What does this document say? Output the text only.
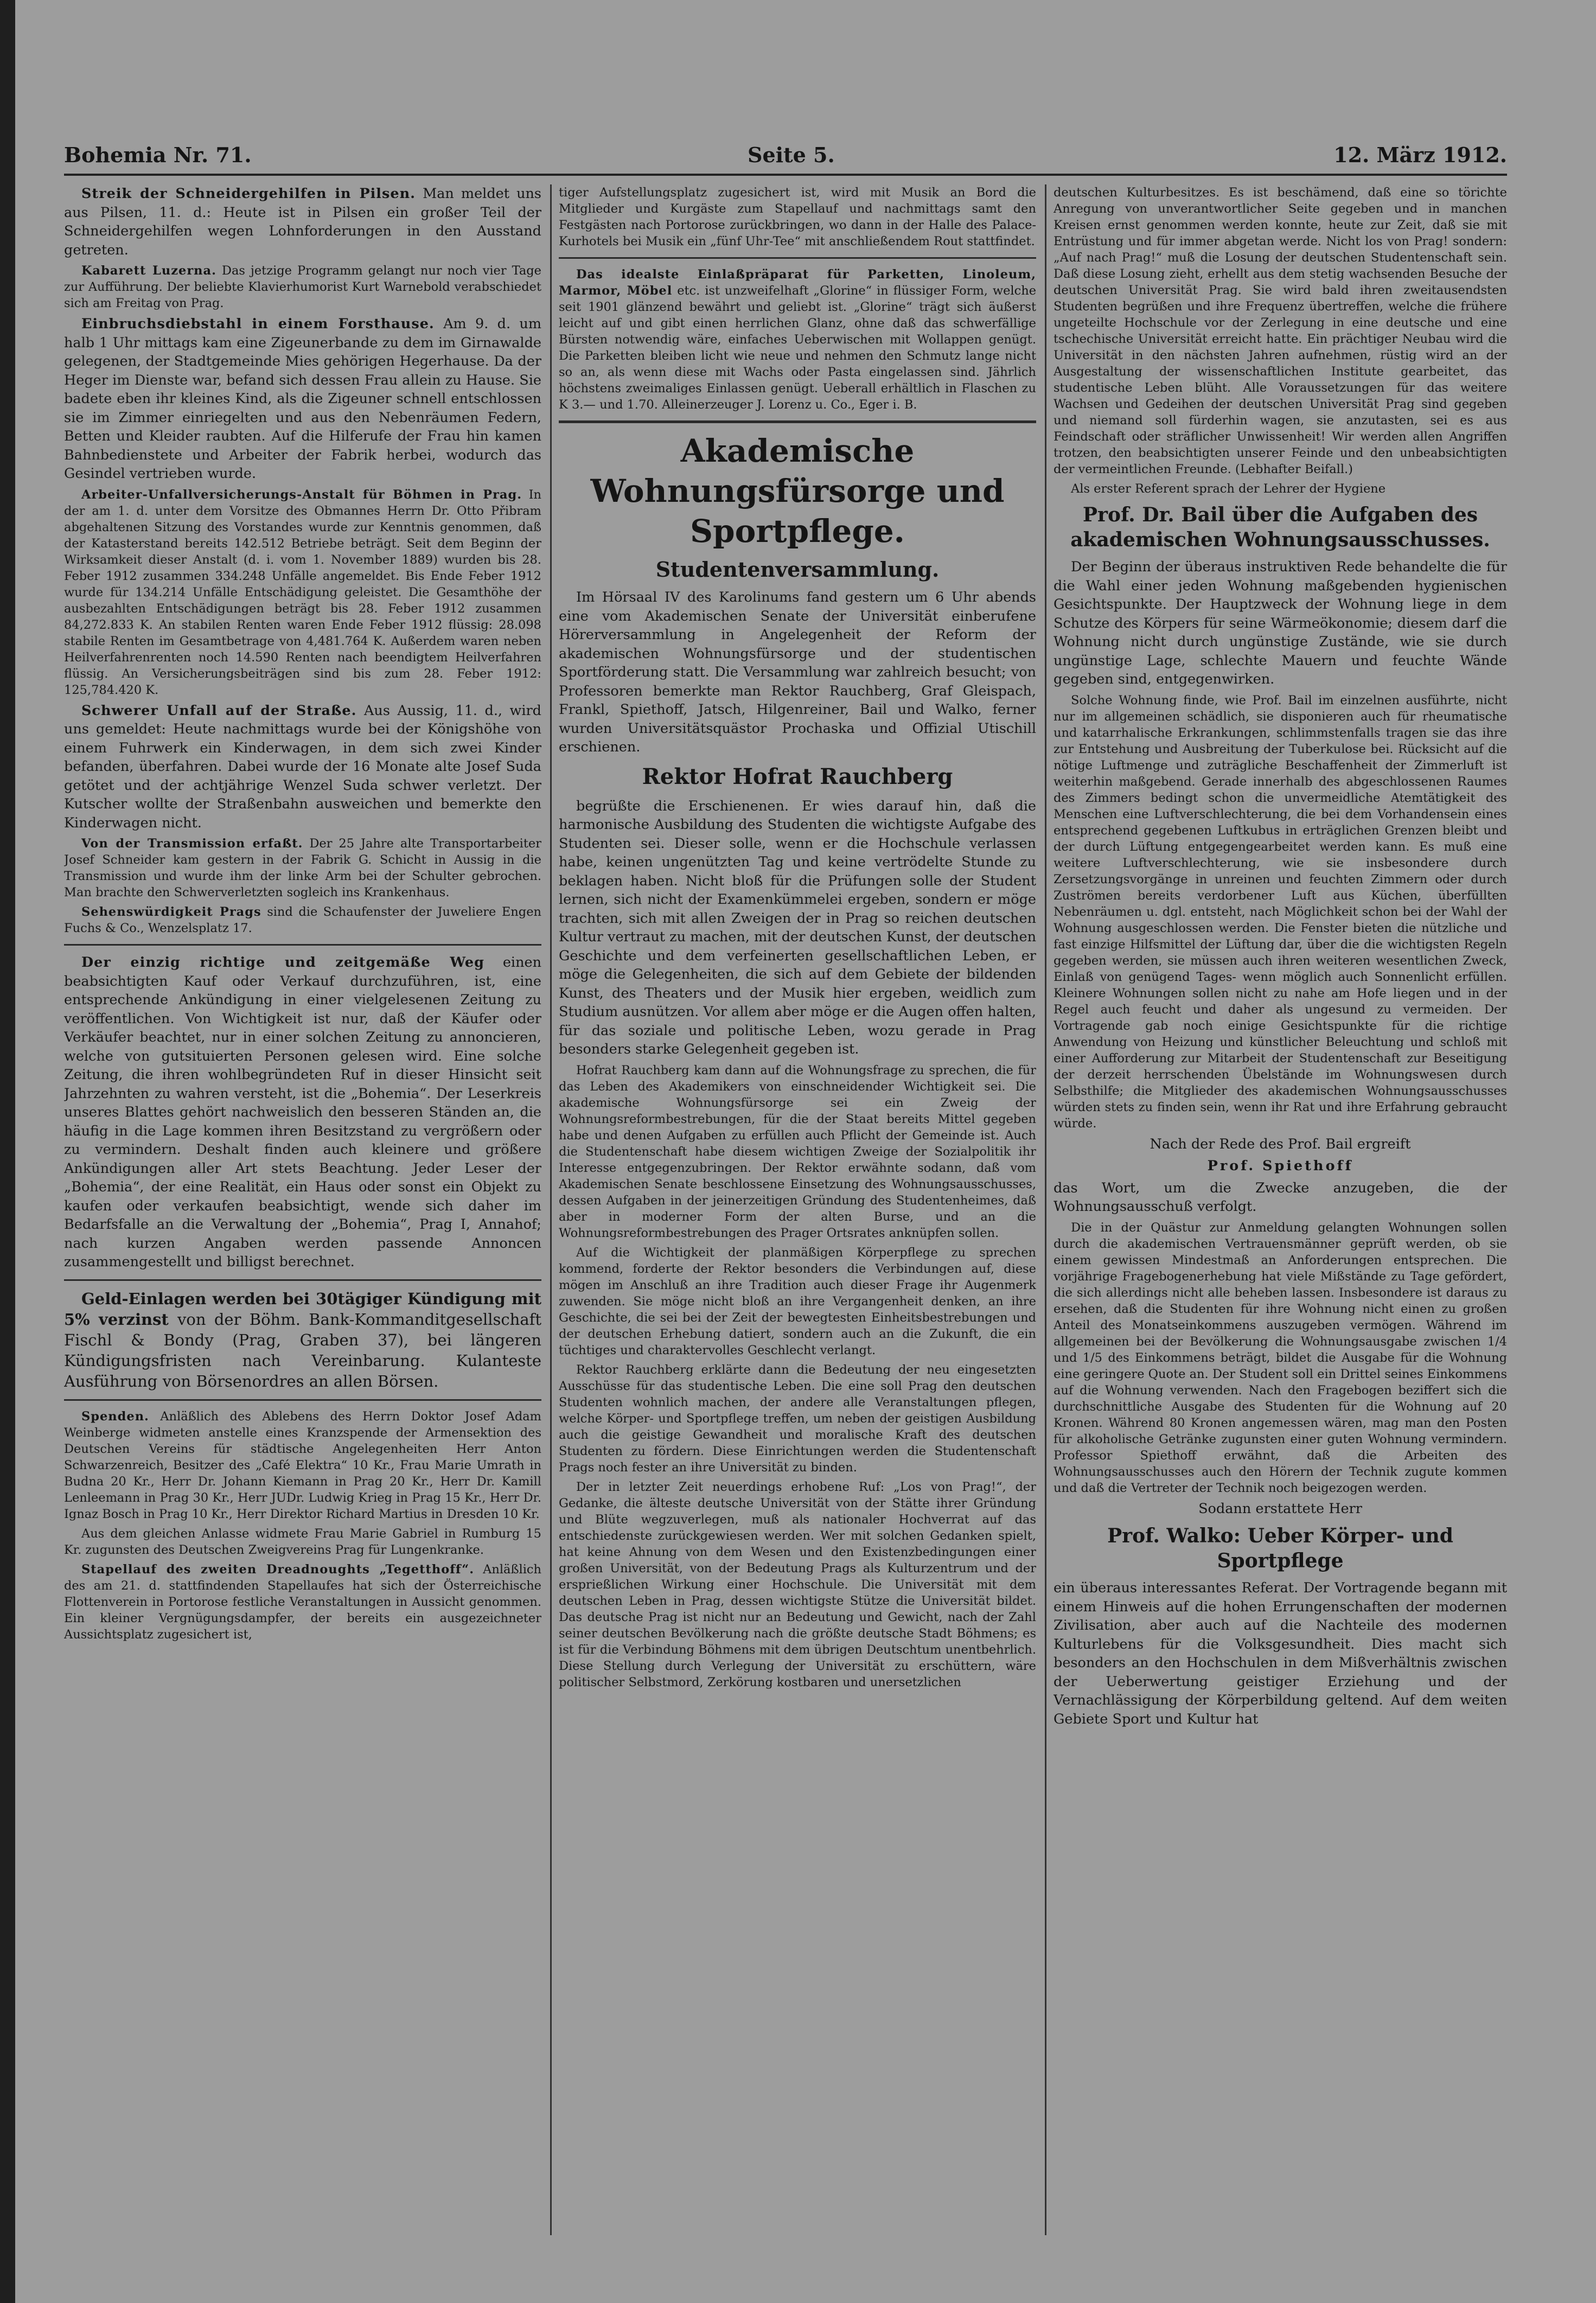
Bohemia Nr. 71.	Seite 5.	12. März 1912.

Streik der Schneidergehilfen in Pilsen. Man meldet uns aus Pilsen, 11. d.: Heute ist in Pilsen ein großer Teil der Schneidergehilfen wegen Lohnforderungen in den Ausstand getreten.

Kabarett Luzerna. Das jetzige Programm gelangt nur noch vier Tage zur Aufführung. Der beliebte Klavierhumorist Kurt Warnebold verabschiedet sich am Freitag von Prag.

Einbruchsdiebstahl in einem Forsthause. Am 9. d. um halb 1 Uhr mittags kam eine Zigeunerbande zu dem im Girnawalde gelegenen, der Stadtgemeinde Mies gehörigen Hegerhause. Da der Heger im Dienste war, befand sich dessen Frau allein zu Hause. Sie badete eben ihr kleines Kind, als die Zigeuner schnell entschlossen sie im Zimmer einriegelten und aus den Nebenräumen Federn, Betten und Kleider raubten. Auf die Hilferufe der Frau hin kamen Bahnbedienstete und Arbeiter der Fabrik herbei, wodurch das Gesindel vertrieben wurde.

Arbeiter-Unfallversicherungs-Anstalt für Böhmen in Prag. In der am 1. d. unter dem Vorsitze des Obmannes Herrn Dr. Otto Přibram abgehaltenen Sitzung des Vorstandes wurde zur Kenntnis genommen, daß der Katasterstand bereits 142.512 Betriebe beträgt. Seit dem Beginn der Wirksamkeit dieser Anstalt (d. i. vom 1. November 1889) wurden bis 28. Feber 1912 zusammen 334.248 Unfälle angemeldet. Bis Ende Feber 1912 wurde für 134.214 Unfälle Entschädigung geleistet. Die Gesamthöhe der ausbezahlten Entschädigungen beträgt bis 28. Feber 1912 zusammen 84,272.833 K. An stabilen Renten waren Ende Feber 1912 flüssig: 28.098 stabile Renten im Gesamtbetrage von 4,481.764 K. Außerdem waren neben Heilverfahrenrenten noch 14.590 Renten nach beendigtem Heilverfahren flüssig. An Versicherungsbeiträgen sind bis zum 28. Feber 1912: 125,784.420 K.

Schwerer Unfall auf der Straße. Aus Aussig, 11. d., wird uns gemeldet: Heute nachmittags wurde bei der Königshöhe von einem Fuhrwerk ein Kinderwagen, in dem sich zwei Kinder befanden, überfahren. Dabei wurde der 16 Monate alte Josef Suda getötet und der achtjährige Wenzel Suda schwer verletzt. Der Kutscher wollte der Straßenbahn ausweichen und bemerkte den Kinderwagen nicht.

Von der Transmission erfaßt. Der 25 Jahre alte Transportarbeiter Josef Schneider kam gestern in der Fabrik G. Schicht in Aussig in die Transmission und wurde ihm der linke Arm bei der Schulter gebrochen. Man brachte den Schwerverletzten sogleich ins Krankenhaus.

Sehenswürdigkeit Prags sind die Schaufenster der Juweliere Engen Fuchs & Co., Wenzelsplatz 17.

Der einzig richtige und zeitgemäße Weg einen beabsichtigten Kauf oder Verkauf durchzuführen, ist, eine entsprechende Ankündigung in einer vielgelesenen Zeitung zu veröffentlichen. Von Wichtigkeit ist nur, daß der Käufer oder Verkäufer beachtet, nur in einer solchen Zeitung zu annoncieren, welche von gutsituierten Personen gelesen wird. Eine solche Zeitung, die ihren wohlbegründeten Ruf in dieser Hinsicht seit Jahrzehnten zu wahren versteht, ist die „Bohemia“. Der Leserkreis unseres Blattes gehört nachweislich den besseren Ständen an, die häufig in die Lage kommen ihren Besitzstand zu vergrößern oder zu vermindern. Deshalt finden auch kleinere und größere Ankündigungen aller Art stets Beachtung. Jeder Leser der „Bohemia“, der eine Realität, ein Haus oder sonst ein Objekt zu kaufen oder verkaufen beabsichtigt, wende sich daher im Bedarfsfalle an die Verwaltung der „Bohemia“, Prag I, Annahof; nach kurzen Angaben werden passende Annoncen zusammengestellt und billigst berechnet.

Geld-Einlagen werden bei 30tägiger Kündigung mit 5% verzinst von der Böhm. Bank-Kommanditgesellschaft Fischl & Bondy (Prag, Graben 37), bei längeren Kündigungsfristen nach Vereinbarung. Kulanteste Ausführung von Börsenordres an allen Börsen.

Spenden. Anläßlich des Ablebens des Herrn Doktor Josef Adam Weinberge widmeten anstelle eines Kranzspende der Armensektion des Deutschen Vereins für städtische Angelegenheiten Herr Anton Schwarzenreich, Besitzer des „Café Elektra“ 10 Kr., Frau Marie Umrath in Budna 20 Kr., Herr Dr. Johann Kiemann in Prag 20 Kr., Herr Dr. Kamill Lenleemann in Prag 30 Kr., Herr JUDr. Ludwig Krieg in Prag 15 Kr., Herr Dr. Ignaz Bosch in Prag 10 Kr., Herr Direktor Richard Martius in Dresden 10 Kr.

Aus dem gleichen Anlasse widmete Frau Marie Gabriel in Rumburg 15 Kr. zugunsten des Deutschen Zweigvereins Prag für Lungenkranke.

Stapellauf des zweiten Dreadnoughts „Tegetthoff“. Anläßlich des am 21. d. stattfindenden Stapellaufes hat sich der Österreichische Flottenverein in Portorose festliche Veranstaltungen in Aussicht genommen. Ein kleiner Vergnügungsdampfer, der bereits ein ausgezeichneter Aussichtsplatz zugesichert ist,

tiger Aufstellungsplatz zugesichert ist, wird mit Musik an Bord die Mitglieder und Kurgäste zum Stapellauf und nachmittags samt den Festgästen nach Portorose zurückbringen, wo dann in der Halle des Palace-Kurhotels bei Musik ein „fünf Uhr-Tee“ mit anschließendem Rout stattfindet.

Das idealste Einlaßpräparat für Parketten, Linoleum, Marmor, Möbel etc. ist unzweifelhaft „Glorine“ in flüssiger Form, welche seit 1901 glänzend bewährt und geliebt ist. „Glorine“ trägt sich äußerst leicht auf und gibt einen herrlichen Glanz, ohne daß das schwerfällige Bürsten notwendig wäre, einfaches Ueberwischen mit Wollappen genügt. Die Parketten bleiben licht wie neue und nehmen den Schmutz lange nicht so an, als wenn diese mit Wachs oder Pasta eingelassen sind. Jährlich höchstens zweimaliges Einlassen genügt. Ueberall erhältlich in Flaschen zu K 3.— und 1.70. Alleinerzeuger J. Lorenz u. Co., Eger i. B.

Akademische Wohnungsfürsorge und Sportpflege.
Studentenversammlung.

Im Hörsaal IV des Karolinums fand gestern um 6 Uhr abends eine vom Akademischen Senate der Universität einberufene Hörerversammlung in Angelegenheit der Reform der akademischen Wohnungsfürsorge und der studentischen Sportförderung statt. Die Versammlung war zahlreich besucht; von Professoren bemerkte man Rektor Rauchberg, Graf Gleispach, Frankl, Spiethoff, Jatsch, Hilgenreiner, Bail und Walko, ferner wurden Universitätsquästor Prochaska und Offizial Utischill erschienen.

Rektor Hofrat Rauchberg

begrüßte die Erschienenen. Er wies darauf hin, daß die harmonische Ausbildung des Studenten die wichtigste Aufgabe des Studenten sei. Dieser solle, wenn er die Hochschule verlassen habe, keinen ungenützten Tag und keine vertrödelte Stunde zu beklagen haben. Nicht bloß für die Prüfungen solle der Student lernen, sich nicht der Examenkümmelei ergeben, sondern er möge trachten, sich mit allen Zweigen der in Prag so reichen deutschen Kultur vertraut zu machen, mit der deutschen Kunst, der deutschen Geschichte und dem verfeinerten gesellschaftlichen Leben, er möge die Gelegenheiten, die sich auf dem Gebiete der bildenden Kunst, des Theaters und der Musik hier ergeben, weidlich zum Studium ausnützen. Vor allem aber möge er die Augen offen halten, für das soziale und politische Leben, wozu gerade in Prag besonders starke Gelegenheit gegeben ist.

Hofrat Rauchberg kam dann auf die Wohnungsfrage zu sprechen, die für das Leben des Akademikers von einschneidender Wichtigkeit sei. Die akademische Wohnungsfürsorge sei ein Zweig der Wohnungsreformbestrebungen, für die der Staat bereits Mittel gegeben habe und denen Aufgaben zu erfüllen auch Pflicht der Gemeinde ist. Auch die Studentenschaft habe diesem wichtigen Zweige der Sozialpolitik ihr Interesse entgegenzubringen. Der Rektor erwähnte sodann, daß vom Akademischen Senate beschlossene Einsetzung des Wohnungsausschusses, dessen Aufgaben in der jeinerzeitigen Gründung des Studentenheimes, daß aber in moderner Form der alten Burse, und an die Wohnungsreformbestrebungen des Prager Ortsrates anknüpfen sollen.

Auf die Wichtigkeit der planmäßigen Körperpflege zu sprechen kommend, forderte der Rektor besonders die Verbindungen auf, diese mögen im Anschluß an ihre Tradition auch dieser Frage ihr Augenmerk zuwenden. Sie möge nicht bloß an ihre Vergangenheit denken, an ihre Geschichte, die sei bei der Zeit der bewegtesten Einheitsbestrebungen und der deutschen Erhebung datiert, sondern auch an die Zukunft, die ein tüchtiges und charaktervolles Geschlecht verlangt.

Rektor Rauchberg erklärte dann die Bedeutung der neu eingesetzten Ausschüsse für das studentische Leben. Die eine soll Prag den deutschen Studenten wohnlich machen, der andere alle Veranstaltungen pflegen, welche Körper- und Sportpflege treffen, um neben der geistigen Ausbildung auch die geistige Gewandheit und moralische Kraft des deutschen Studenten zu fördern. Diese Einrichtungen werden die Studentenschaft Prags noch fester an ihre Universität zu binden.

Der in letzter Zeit neuerdings erhobene Ruf: „Los von Prag!“, der Gedanke, die älteste deutsche Universität von der Stätte ihrer Gründung und Blüte wegzuverlegen, muß als nationaler Hochverrat auf das entschiedenste zurückgewiesen werden. Wer mit solchen Gedanken spielt, hat keine Ahnung von dem Wesen und den Existenzbedingungen einer großen Universität, von der Bedeutung Prags als Kulturzentrum und der ersprießlichen Wirkung einer Hochschule. Die Universität mit dem deutschen Leben in Prag, dessen wichtigste Stütze die Universität bildet. Das deutsche Prag ist nicht nur an Bedeutung und Gewicht, nach der Zahl seiner deutschen Bevölkerung nach die größte deutsche Stadt Böhmens; es ist für die Verbindung Böhmens mit dem übrigen Deutschtum unentbehrlich. Diese Stellung durch Verlegung der Universität zu erschüttern, wäre politischer Selbstmord, Zerkörung kostbaren und unersetzlichen

deutschen Kulturbesitzes. Es ist beschämend, daß eine so törichte Anregung von unverantwortlicher Seite gegeben und in manchen Kreisen ernst genommen werden konnte, heute zur Zeit, daß sie mit Entrüstung und für immer abgetan werde. Nicht los von Prag! sondern: „Auf nach Prag!“ muß die Losung der deutschen Studentenschaft sein. Daß diese Losung zieht, erhellt aus dem stetig wachsenden Besuche der deutschen Universität Prag. Sie wird bald ihren zweitausendsten Studenten begrüßen und ihre Frequenz übertreffen, welche die frühere ungeteilte Hochschule vor der Zerlegung in eine deutsche und eine tschechische Universität erreicht hatte. Ein prächtiger Neubau wird die Universität in den nächsten Jahren aufnehmen, rüstig wird an der Ausgestaltung der wissenschaftlichen Institute gearbeitet, das studentische Leben blüht. Alle Voraussetzungen für das weitere Wachsen und Gedeihen der deutschen Universität Prag sind gegeben und niemand soll fürderhin wagen, sie anzutasten, sei es aus Feindschaft oder sträflicher Unwissenheit! Wir werden allen Angriffen trotzen, den beabsichtigten unserer Feinde und den unbeabsichtigten der vermeintlichen Freunde. (Lebhafter Beifall.)

Als erster Referent sprach der Lehrer der Hygiene

Prof. Dr. Bail über die Aufgaben des akademischen Wohnungsausschusses.

Der Beginn der überaus instruktiven Rede behandelte die für die Wahl einer jeden Wohnung maßgebenden hygienischen Gesichtspunkte. Der Hauptzweck der Wohnung liege in dem Schutze des Körpers für seine Wärmeökonomie; diesem darf die Wohnung nicht durch ungünstige Zustände, wie sie durch ungünstige Lage, schlechte Mauern und feuchte Wände gegeben sind, entgegenwirken.

Solche Wohnung finde, wie Prof. Bail im einzelnen ausführte, nicht nur im allgemeinen schädlich, sie disponieren auch für rheumatische und katarrhalische Erkrankungen, schlimmstenfalls tragen sie das ihre zur Entstehung und Ausbreitung der Tuberkulose bei. Rücksicht auf die nötige Luftmenge und zuträgliche Beschaffenheit der Zimmerluft ist weiterhin maßgebend. Gerade innerhalb des abgeschlossenen Raumes des Zimmers bedingt schon die unvermeidliche Atemtätigkeit des Menschen eine Luftverschlechterung, die bei dem Vorhandensein eines entsprechend gegebenen Luftkubus in erträglichen Grenzen bleibt und der durch Lüftung entgegengearbeitet werden kann. Es muß eine weitere Luftverschlechterung, wie sie insbesondere durch Zersetzungsvorgänge in unreinen und feuchten Zimmern oder durch Zuströmen bereits verdorbener Luft aus Küchen, überfüllten Nebenräumen u. dgl. entsteht, nach Möglichkeit schon bei der Wahl der Wohnung ausgeschlossen werden. Die Fenster bieten die nützliche und fast einzige Hilfsmittel der Lüftung dar, über die die wichtigsten Regeln gegeben werden, sie müssen auch ihren weiteren wesentlichen Zweck, Einlaß von genügend Tages- wenn möglich auch Sonnenlicht erfüllen. Kleinere Wohnungen sollen nicht zu nahe am Hofe liegen und in der Regel auch feucht und daher als ungesund zu vermeiden. Der Vortragende gab noch einige Gesichtspunkte für die richtige Anwendung von Heizung und künstlicher Beleuchtung und schloß mit einer Aufforderung zur Mitarbeit der Studentenschaft zur Beseitigung der derzeit herrschenden Übelstände im Wohnungswesen durch Selbsthilfe; die Mitglieder des akademischen Wohnungsausschusses würden stets zu finden sein, wenn ihr Rat und ihre Erfahrung gebraucht würde.

Nach der Rede des Prof. Bail ergreift

Prof. Spiethoff

das Wort, um die Zwecke anzugeben, die der Wohnungsausschuß verfolgt.

Die in der Quästur zur Anmeldung gelangten Wohnungen sollen durch die akademischen Vertrauensmänner geprüft werden, ob sie einem gewissen Mindestmaß an Anforderungen entsprechen. Die vorjährige Fragebogenerhebung hat viele Mißstände zu Tage gefördert, die sich allerdings nicht alle beheben lassen. Insbesondere ist daraus zu ersehen, daß die Studenten für ihre Wohnung nicht einen zu großen Anteil des Monatseinkommens auszugeben vermögen. Während im allgemeinen bei der Bevölkerung die Wohnungsausgabe zwischen 1/4 und 1/5 des Einkommens beträgt, bildet die Ausgabe für die Wohnung eine geringere Quote an. Der Student soll ein Drittel seines Einkommens auf die Wohnung verwenden. Nach den Fragebogen beziffert sich die durchschnittliche Ausgabe des Studenten für die Wohnung auf 20 Kronen. Während 80 Kronen angemessen wären, mag man den Posten für alkoholische Getränke zugunsten einer guten Wohnung vermindern. Professor Spiethoff erwähnt, daß die Arbeiten des Wohnungsausschusses auch den Hörern der Technik zugute kommen und daß die Vertreter der Technik noch beigezogen werden.

Sodann erstattete Herr

Prof. Walko: Ueber Körper- und Sportpflege

ein überaus interessantes Referat. Der Vortragende begann mit einem Hinweis auf die hohen Errungenschaften der modernen Zivilisation, aber auch auf die Nachteile des modernen Kulturlebens für die Volksgesundheit. Dies macht sich besonders an den Hochschulen in dem Mißverhältnis zwischen der Ueberwertung geistiger Erziehung und der Vernachlässigung der Körperbildung geltend. Auf dem weiten Gebiete Sport und Kultur hat
